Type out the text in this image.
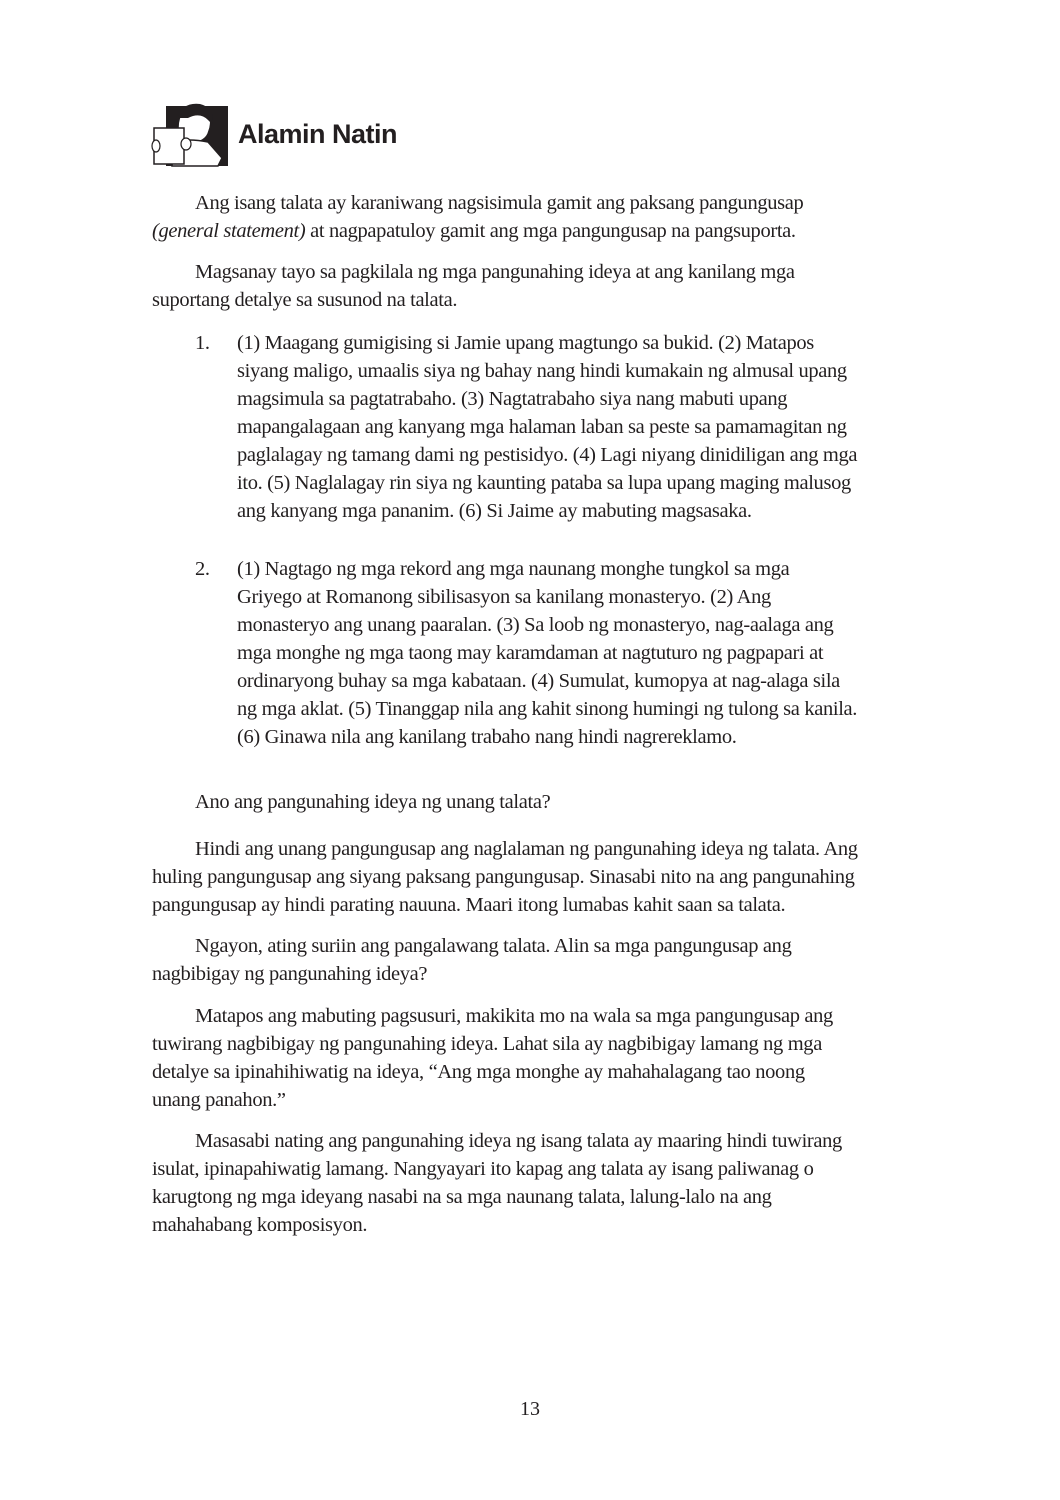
Alamin Natin
Ang isang talata ay karaniwang nagsisimula gamit ang paksang pangungusap
(general statement) at nagpapatuloy gamit ang mga pangungusap na pangsuporta.
Magsanay tayo sa pagkilala ng mga pangunahing ideya at ang kanilang mga
suportang detalye sa susunod na talata.
1. (1) Maagang gumigising si Jamie upang magtungo sa bukid. (2) Matapos
siyang maligo, umaalis siya ng bahay nang hindi kumakain ng almusal upang
magsimula sa pagtatrabaho. (3) Nagtatrabaho siya nang mabuti upang
mapangalagaan ang kanyang mga halaman laban sa peste sa pamamagitan ng
paglalagay ng tamang dami ng pestisidyo. (4) Lagi niyang dinidiligan ang mga
ito. (5) Naglalagay rin siya ng kaunting pataba sa lupa upang maging malusog
ang kanyang mga pananim. (6) Si Jaime ay mabuting magsasaka.
2. (1) Nagtago ng mga rekord ang mga naunang monghe tungkol sa mga
Griyego at Romanong sibilisasyon sa kanilang monasteryo. (2) Ang
monasteryo ang unang paaralan. (3) Sa loob ng monasteryo, nag-aalaga ang
mga monghe ng mga taong may karamdaman at nagtuturo ng pagpapari at
ordinaryong buhay sa mga kabataan. (4) Sumulat, kumopya at nag-alaga sila
ng mga aklat. (5) Tinanggap nila ang kahit sinong humingi ng tulong sa kanila.
(6) Ginawa nila ang kanilang trabaho nang hindi nagrereklamo.
Ano ang pangunahing ideya ng unang talata?
Hindi ang unang pangungusap ang naglalaman ng pangunahing ideya ng talata. Ang
huling pangungusap ang siyang paksang pangungusap. Sinasabi nito na ang pangunahing
pangungusap ay hindi parating nauuna. Maari itong lumabas kahit saan sa talata.
Ngayon, ating suriin ang pangalawang talata. Alin sa mga pangungusap ang
nagbibigay ng pangunahing ideya?
Matapos ang mabuting pagsusuri, makikita mo na wala sa mga pangungusap ang
tuwirang nagbibigay ng pangunahing ideya. Lahat sila ay nagbibigay lamang ng mga
detalye sa ipinahihiwatig na ideya, “Ang mga monghe ay mahahalagang tao noong
unang panahon.”
Masasabi nating ang pangunahing ideya ng isang talata ay maaring hindi tuwirang
isulat, ipinapahiwatig lamang. Nangyayari ito kapag ang talata ay isang paliwanag o
karugtong ng mga ideyang nasabi na sa mga naunang talata, lalung-lalo na ang
mahahabang komposisyon.
13
